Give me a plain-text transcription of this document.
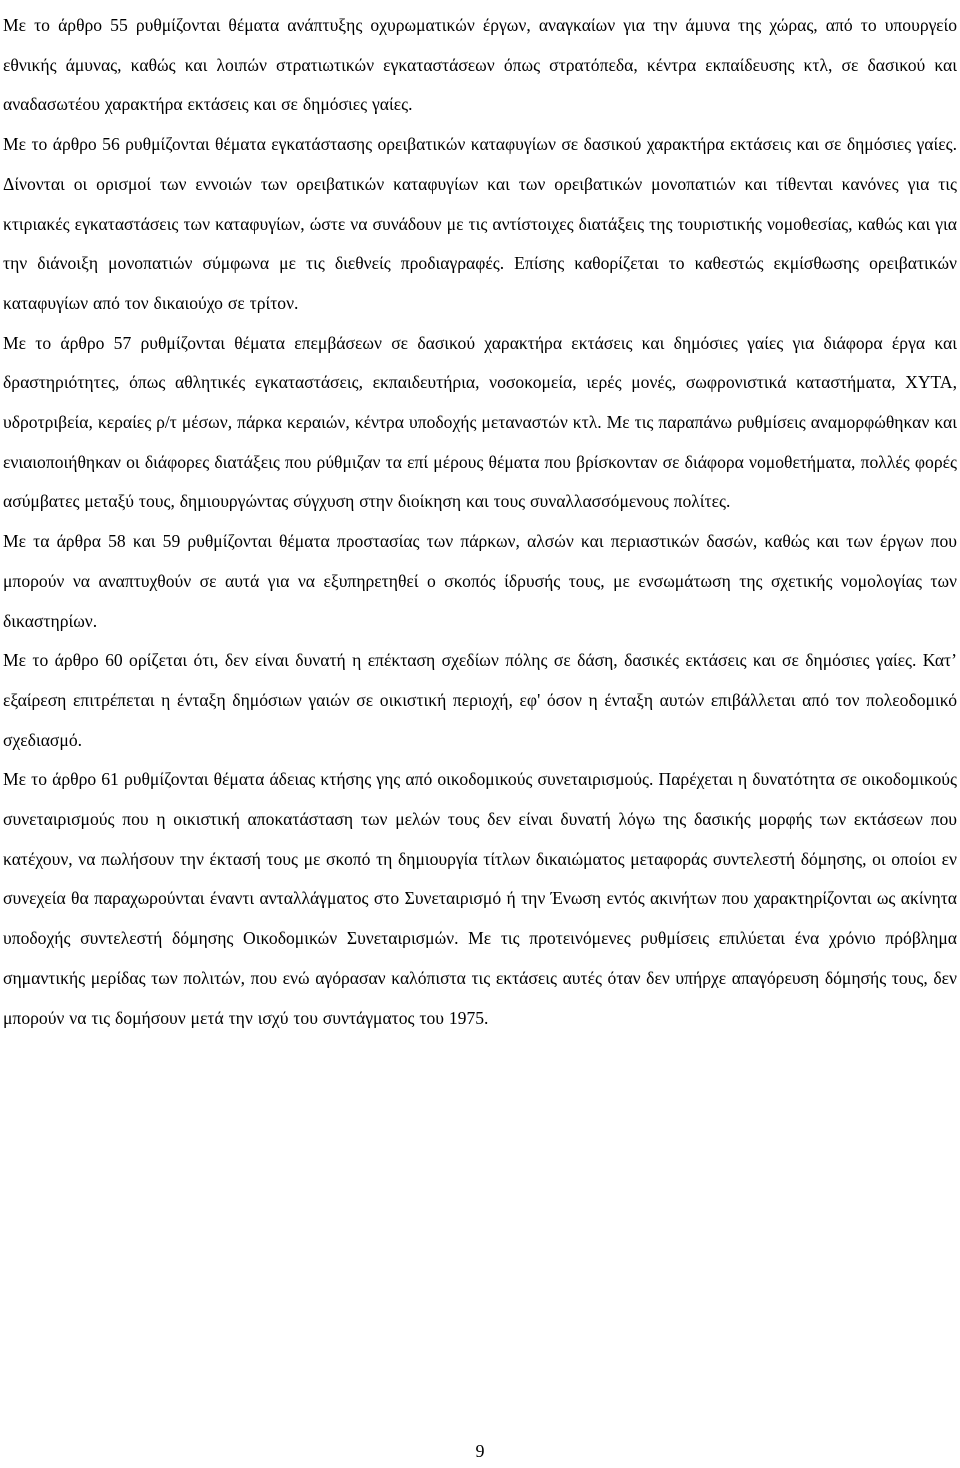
Με το άρθρο 55 ρυθμίζονται θέματα ανάπτυξης οχυρωματικών έργων, αναγκαίων για την άμυνα της χώρας, από το υπουργείο εθνικής άμυνας, καθώς και λοιπών στρατιωτικών εγκαταστάσεων όπως στρατόπεδα, κέντρα εκπαίδευσης κτλ, σε δασικού και αναδασωτέου χαρακτήρα εκτάσεις και σε δημόσιες γαίες.

Με το άρθρο 56 ρυθμίζονται θέματα εγκατάστασης ορειβατικών καταφυγίων σε δασικού χαρακτήρα εκτάσεις και σε δημόσιες γαίες. Δίνονται οι ορισμοί των εννοιών των ορειβατικών καταφυγίων και των ορειβατικών μονοπατιών και τίθενται κανόνες για τις κτιριακές εγκαταστάσεις των καταφυγίων, ώστε να συνάδουν με τις αντίστοιχες διατάξεις της τουριστικής νομοθεσίας, καθώς και για την διάνοιξη μονοπατιών σύμφωνα με τις διεθνείς προδιαγραφές. Επίσης καθορίζεται το καθεστώς εκμίσθωσης ορειβατικών καταφυγίων από τον δικαιούχο σε τρίτον.

Με το άρθρο 57 ρυθμίζονται θέματα επεμβάσεων σε δασικού χαρακτήρα εκτάσεις και δημόσιες γαίες για διάφορα έργα και δραστηριότητες, όπως αθλητικές εγκαταστάσεις, εκπαιδευτήρια, νοσοκομεία, ιερές μονές, σωφρονιστικά καταστήματα, ΧΥΤΑ, υδροτριβεία, κεραίες ρ/τ μέσων, πάρκα κεραιών, κέντρα υποδοχής μεταναστών κτλ. Με τις παραπάνω ρυθμίσεις αναμορφώθηκαν και ενιαιοποιήθηκαν οι διάφορες διατάξεις που ρύθμιζαν τα επί μέρους θέματα που βρίσκονταν σε διάφορα νομοθετήματα, πολλές φορές ασύμβατες μεταξύ τους, δημιουργώντας σύγχυση στην διοίκηση και τους συναλλασσόμενους πολίτες.

Με τα άρθρα 58 και 59 ρυθμίζονται θέματα προστασίας των πάρκων, αλσών και περιαστικών δασών, καθώς και των έργων που μπορούν να αναπτυχθούν σε αυτά για να εξυπηρετηθεί ο σκοπός ίδρυσής τους, με ενσωμάτωση της σχετικής νομολογίας των δικαστηρίων.

Με το άρθρο 60 ορίζεται ότι, δεν είναι δυνατή η επέκταση σχεδίων πόλης σε δάση, δασικές εκτάσεις και σε δημόσιες γαίες. Κατ’ εξαίρεση επιτρέπεται η ένταξη δημόσιων γαιών σε οικιστική περιοχή, εφ' όσον η ένταξη αυτών επιβάλλεται από τον πολεοδομικό σχεδιασμό.

Με το άρθρο 61 ρυθμίζονται θέματα άδειας κτήσης γης από οικοδομικούς συνεταιρισμούς. Παρέχεται η δυνατότητα σε οικοδομικούς συνεταιρισμούς που η οικιστική αποκατάσταση των μελών τους δεν είναι δυνατή λόγω της δασικής μορφής των εκτάσεων που κατέχουν, να πωλήσουν την έκτασή τους με σκοπό τη δημιουργία τίτλων δικαιώματος μεταφοράς συντελεστή δόμησης, οι οποίοι εν συνεχεία θα παραχωρούνται έναντι ανταλλάγματος στο Συνεταιρισμό ή την Ένωση εντός ακινήτων που χαρακτηρίζονται ως ακίνητα υποδοχής συντελεστή δόμησης Οικοδομικών Συνεταιρισμών. Με τις προτεινόμενες ρυθμίσεις επιλύεται ένα χρόνιο πρόβλημα σημαντικής μερίδας των πολιτών, που ενώ αγόρασαν καλόπιστα τις εκτάσεις αυτές όταν δεν υπήρχε απαγόρευση δόμησής τους, δεν μπορούν να τις δομήσουν μετά την ισχύ του συντάγματος του 1975.

9
